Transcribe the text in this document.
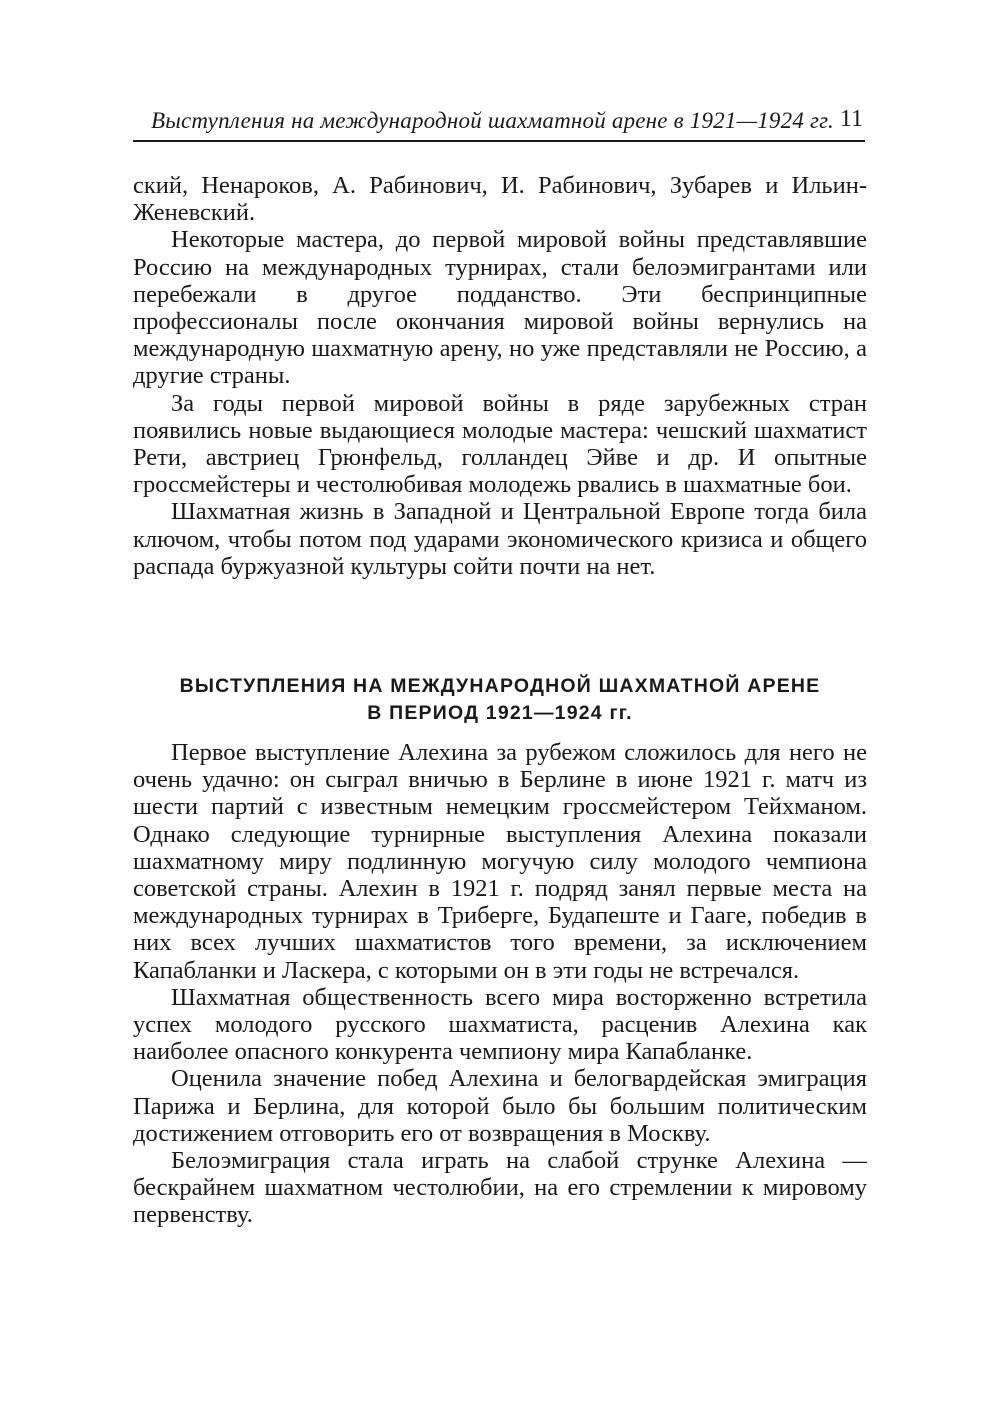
Выступления на международной шахматной арене в 1921—1924 гг. 11

ский, Ненароков, А. Рабинович, И. Рабинович, Зубарев и Ильин-Женевский.

Некоторые мастера, до первой мировой войны представлявшие Россию на международных турнирах, стали белоэмигрантами или перебежали в другое подданство. Эти беспринципные профессионалы после окончания мировой войны вернулись на международную шахматную арену, но уже представляли не Россию, а другие страны.

За годы первой мировой войны в ряде зарубежных стран появились новые выдающиеся молодые мастера: чешский шахматист Рети, австриец Грюнфельд, голландец Эйве и др. И опытные гроссмейстеры и честолюбивая молодежь рвались в шахматные бои.

Шахматная жизнь в Западной и Центральной Европе тогда била ключом, чтобы потом под ударами экономического кризиса и общего распада буржуазной культуры сойти почти на нет.

ВЫСТУПЛЕНИЯ НА МЕЖДУНАРОДНОЙ ШАХМАТНОЙ АРЕНЕ
В ПЕРИОД 1921—1924 гг.

Первое выступление Алехина за рубежом сложилось для него не очень удачно: он сыграл вничью в Берлине в июне 1921 г. матч из шести партий с известным немецким гроссмейстером Тейхманом. Однако следующие турнирные выступления Алехина показали шахматному миру подлинную могучую силу молодого чемпиона советской страны. Алехин в 1921 г. подряд занял первые места на международных турнирах в Триберге, Будапеште и Гааге, победив в них всех лучших шахматистов того времени, за исключением Капабланки и Ласкера, с которыми он в эти годы не встречался.

Шахматная общественность всего мира восторженно встретила успех молодого русского шахматиста, расценив Алехина как наиболее опасного конкурента чемпиону мира Капабланке.

Оценила значение побед Алехина и белогвардейская эмиграция Парижа и Берлина, для которой было бы большим политическим достижением отговорить его от возвращения в Москву.

Белоэмиграция стала играть на слабой струнке Алехина — бескрайнем шахматном честолюбии, на его стремлении к мировому первенству.
